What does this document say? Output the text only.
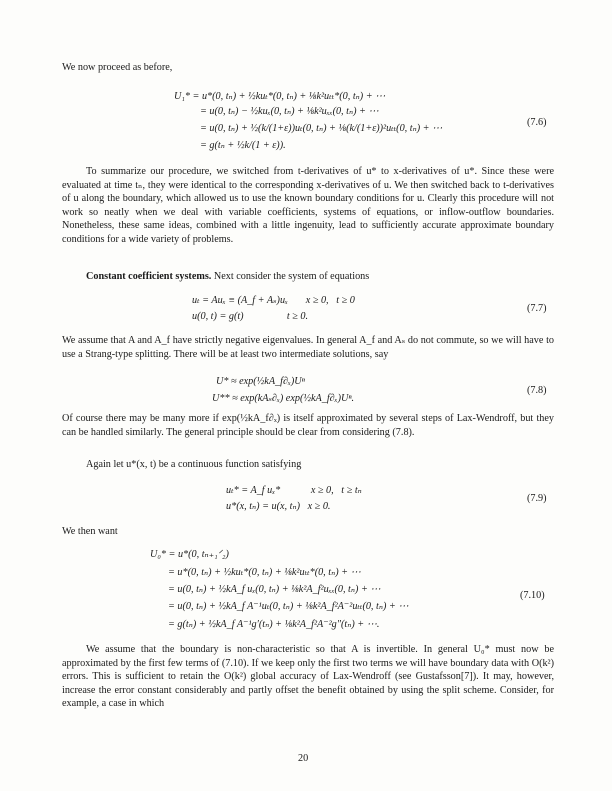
We now proceed as before,
U₁* = u*(0, tₙ) + ½kuₜ*(0, tₙ) + ⅛k²uₜₜ*(0, tₙ) + ⋯
= u(0, tₙ) − ½kuₓ(0, tₙ) + ⅛k²uₓₓ(0, tₙ) + ⋯
= u(0, tₙ) + ½(k/(1+ε))uₜ(0, tₙ) + ⅛(k/(1+ε))²uₜₜ(0, tₙ) + ⋯
= g(tₙ + ½k/(1 + ε)).
(7.6)
To summarize our procedure, we switched from t-derivatives of u* to x-derivatives of u*. Since these were evaluated at time tₙ, they were identical to the corresponding x-derivatives of u. We then switched back to t-derivatives of u along the boundary, which allowed us to use the known boundary conditions for u. Clearly this procedure will not work so neatly when we deal with variable coefficients, systems of equations, or inflow-outflow boundaries. Nonetheless, these same ideas, combined with a little ingenuity, lead to sufficiently accurate approximate boundary conditions for a wide variety of problems.
Constant coefficient systems. Next consider the system of equations
uₜ = Auₓ ≡ (A_f + Aₛ)uₓ       x ≥ 0,   t ≥ 0
u(0, t) = g(t)                 t ≥ 0.
(7.7)
We assume that A and A_f have strictly negative eigenvalues. In general A_f and Aₛ do not commute, so we will have to use a Strang-type splitting. There will be at least two intermediate solutions, say
U* ≈ exp(½kA_f∂ₓ)Uⁿ
U** ≈ exp(kAₛ∂ₓ) exp(½kA_f∂ₓ)Uⁿ.
(7.8)
Of course there may be many more if exp(½kA_f∂ₓ) is itself approximated by several steps of Lax-Wendroff, but they can be handled similarly. The general principle should be clear from considering (7.8).
Again let u*(x, t) be a continuous function satisfying
uₜ* = A_f uₓ*            x ≥ 0,   t ≥ tₙ
u*(x, tₙ) = u(x, tₙ)   x ≥ 0.
(7.9)
We then want
U₀* = u*(0, tₙ₊₁ᐟ₂)
= u*(0, tₙ) + ½kuₜ*(0, tₙ) + ⅛k²uₜₜ*(0, tₙ) + ⋯
= u(0, tₙ) + ½kA_f uₓ(0, tₙ) + ⅛k²A_f²uₓₓ(0, tₙ) + ⋯
= u(0, tₙ) + ½kA_f A⁻¹uₜ(0, tₙ) + ⅛k²A_f²A⁻²uₜₜ(0, tₙ) + ⋯
= g(tₙ) + ½kA_f A⁻¹g′(tₙ) + ⅛k²A_f²A⁻²g″(tₙ) + ⋯.
(7.10)
We assume that the boundary is non-characteristic so that A is invertible. In general U₀* must now be approximated by the first few terms of (7.10). If we keep only the first two terms we will have boundary data with O(k²) errors. This is sufficient to retain the O(k²) global accuracy of Lax-Wendroff (see Gustafsson[7]). It may, however, increase the error constant considerably and partly offset the benefit obtained by using the split scheme. Consider, for example, a case in which
20
